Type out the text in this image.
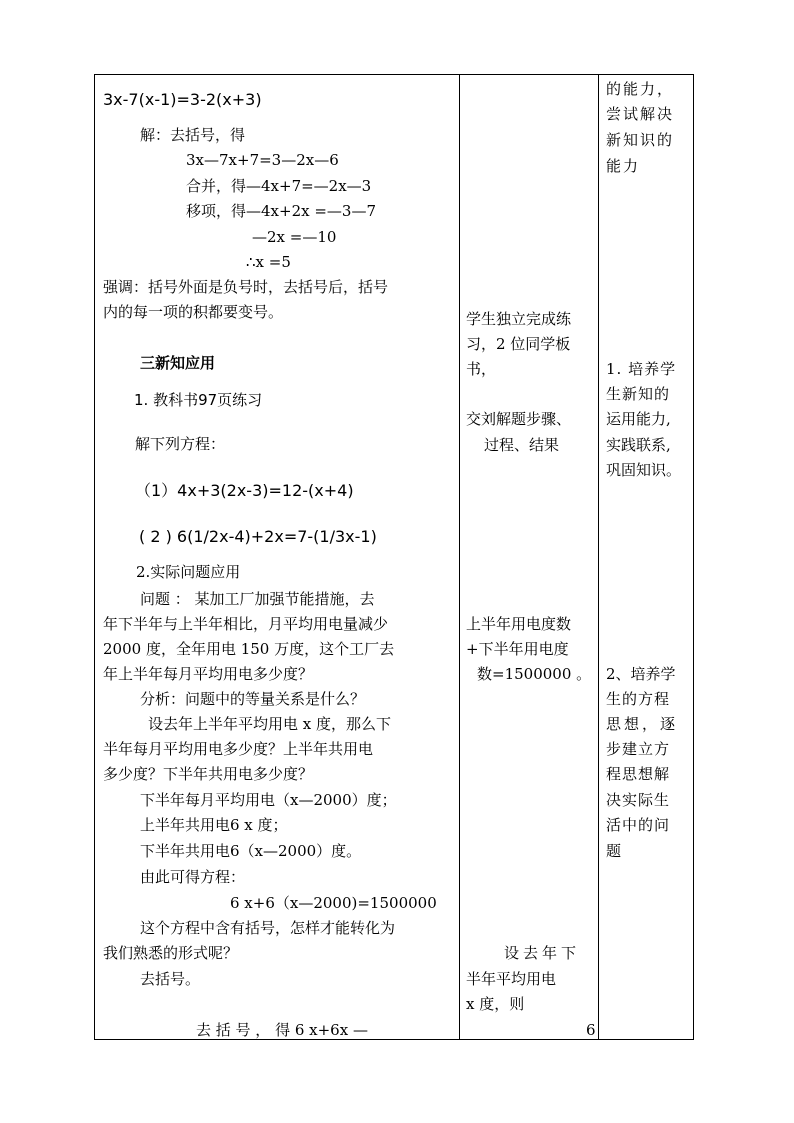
3x-7(x-1)=3-2(x+3)
解：去括号，得
3x—7x+7=3—2x—6
合并，得—4x+7=—2x—3
移项，得—4x+2x =—3—7
—2x =—10
∴x =5
强调：括号外面是负号时，去括号后，括号
内的每一项的积都要变号。
三新知应用
1. 教科书97页练习
解下列方程：
（1）4x+3(2x-3)=12-(x+4)
( 2 ) 6(1/2x-4)+2x=7-(1/3x-1)
2.实际问题应用
问题 ： 某加工厂加强节能措施，去
年下半年与上半年相比，月平均用电量减少
2000 度，全年用电 150 万度，这个工厂去
年上半年每月平均用电多少度？
分析：问题中的等量关系是什么？
设去年上半年平均用电 x 度，那么下
半年每月平均用电多少度？上半年共用电
多少度？下半年共用电多少度？
下半年每月平均用电（x—2000）度；
上半年共用电6 x 度；
下半年共用电6（x—2000）度。
由此可得方程：
6 x+6（x—2000)=1500000
这个方程中含有括号，怎样才能转化为
我们熟悉的形式呢？
去括号。
去 括 号 ， 得 6 x+6x —
学生独立完成练
习，2 位同学板
书，
交刘解题步骤、
过程、结果
上半年用电度数
+下半年用电度
数=1500000 。
设去年下
半年平均用电
x 度，则
6
的能力，
尝试解决
新知识的
能力
1. 培养学
生新知的
运用能力,
实践联系,
巩固知识。
2、培养学
生的方程
思想，逐
步建立方
程思想解
决实际生
活中的问
题
